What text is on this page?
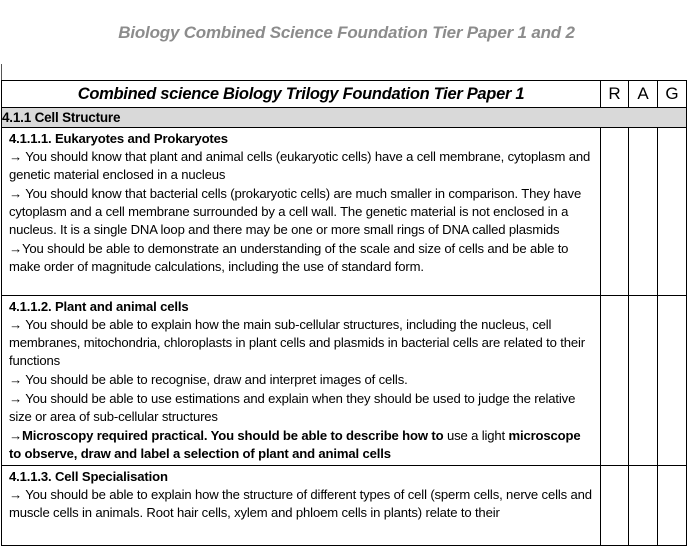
Biology Combined Science Foundation Tier Paper 1 and 2
Combined science Biology Trilogy Foundation Tier Paper 1	R	A	G
4.1.1 Cell Structure			

4.1.1.1. Eukaryotes and Prokaryotes
→ You should know that plant and animal cells (eukaryotic cells) have a cell membrane, cytoplasm and genetic material enclosed in a nucleus
→ You should know that bacterial cells (prokaryotic cells) are much smaller in comparison. They have cytoplasm and a cell membrane surrounded by a cell wall. The genetic material is not enclosed in a nucleus. It is a single DNA loop and there may be one or more small rings of DNA called plasmids
→You should be able to demonstrate an understanding of the scale and size of cells and be able to make order of magnitude calculations, including the use of standard form.			

4.1.1.2. Plant and animal cells
→ You should be able to explain how the main sub-cellular structures, including the nucleus, cell membranes, mitochondria, chloroplasts in plant cells and plasmids in bacterial cells are related to their functions
→ You should be able to recognise, draw and interpret images of cells.
→ You should be able to use estimations and explain when they should be used to judge the relative size or area of sub-cellular structures
→Microscopy required practical. You should be able to describe how to use a light microscope to observe, draw and label a selection of plant and animal cells			

4.1.1.3. Cell Specialisation
→ You should be able to explain how the structure of different types of cell (sperm cells, nerve cells and muscle cells in animals. Root hair cells, xylem and phloem cells in plants) relate to their			
